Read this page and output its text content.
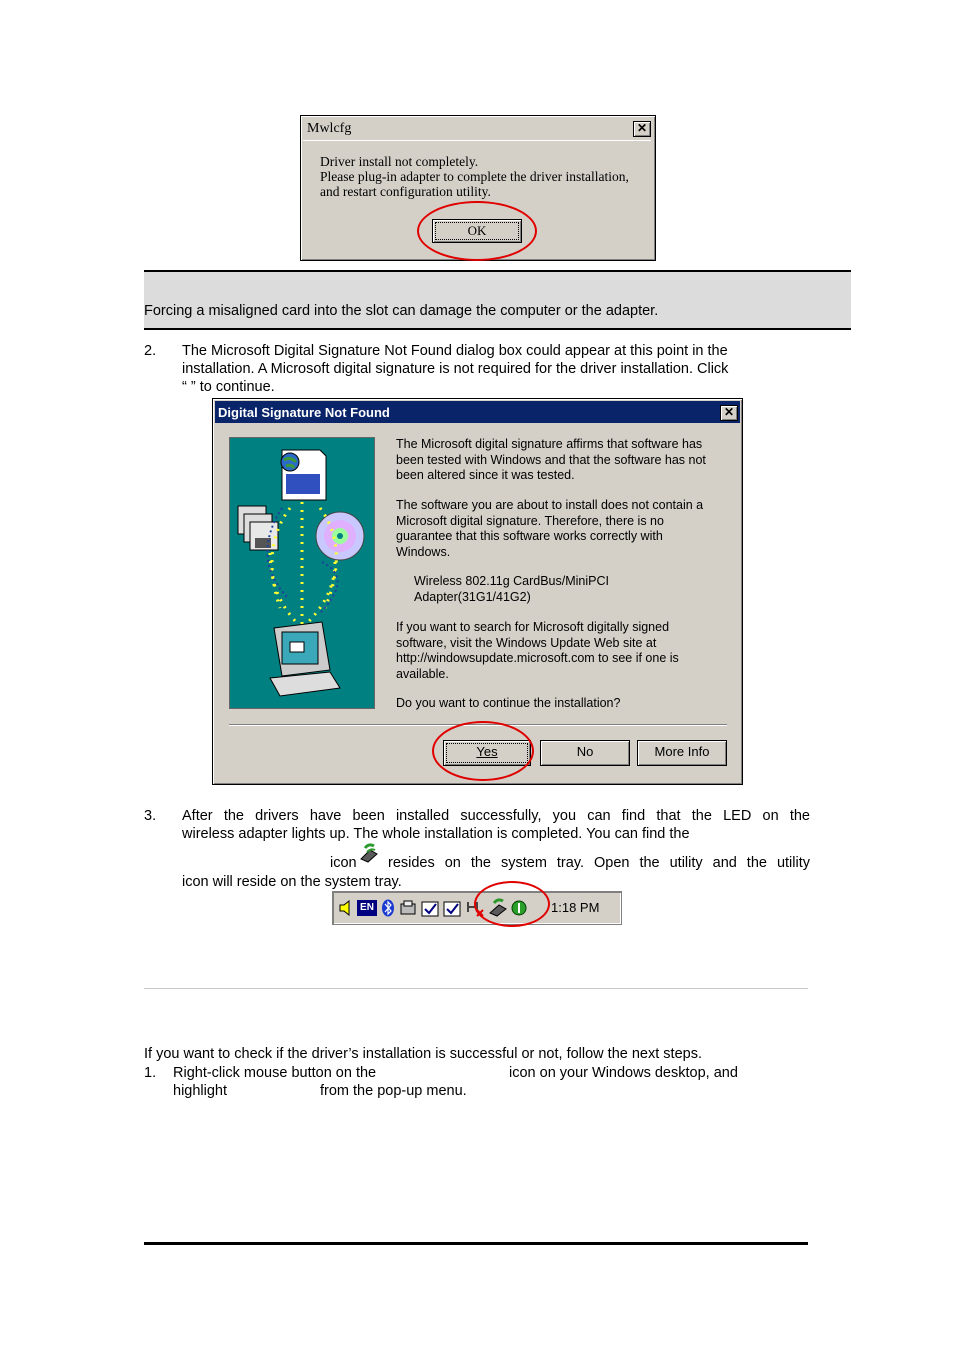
Mwlcfg	✕
Driver install not completely.
Please plug-in adapter to complete the driver installation,
and restart configuration utility.
OK
Forcing a misaligned card into the slot can damage the computer or the adapter.
2. The Microsoft Digital Signature Not Found dialog box could appear at this point in the
installation. A Microsoft digital signature is not required for the driver installation. Click
“ ” to continue.
Digital Signature Not Found	✕
The Microsoft digital signature affirms that software has
been tested with Windows and that the software has not
been altered since it was tested.
The software you are about to install does not contain a
Microsoft digital signature. Therefore, there is no
guarantee that this software works correctly with
Windows.
Wireless 802.11g CardBus/MiniPCI
Adapter(31G1/41G2)
If you want to search for Microsoft digitally signed
software, visit the Windows Update Web site at
http://windowsupdate.microsoft.com to see if one is
available.
Do you want to continue the installation?
Yes	No	More Info
3. After the drivers have been installed successfully, you can find that the LED on the
wireless adapter lights up. The whole installation is completed. You can find the
icon resides on the system tray. Open the utility and the utility
icon will reside on the system tray.
EN	1:18 PM
If you want to check if the driver’s installation is successful or not, follow the next steps.
1. Right-click mouse button on the	icon on your Windows desktop, and
highlight	from the pop-up menu.
